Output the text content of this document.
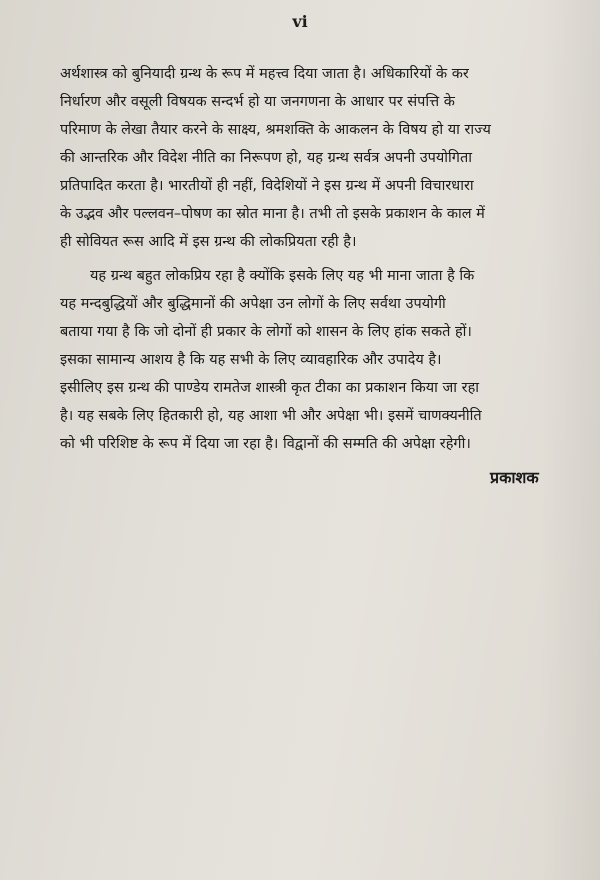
vi

अर्थशास्त्र को बुनियादी ग्रन्थ के रूप में महत्त्व दिया जाता है। अधिकारियों के कर

निर्धारण और वसूली विषयक सन्दर्भ हो या जनगणना के आधार पर संपत्ति के

परिमाण के लेखा तैयार करने के साक्ष्य, श्रमशक्ति के आकलन के विषय हो या राज्य

की आन्तरिक और विदेश नीति का निरूपण हो, यह ग्रन्थ सर्वत्र अपनी उपयोगिता

प्रतिपादित करता है। भारतीयों ही नहीं, विदेशियों ने इस ग्रन्थ में अपनी विचारधारा

के उद्भव और पल्लवन–पोषण का स्रोत माना है। तभी तो इसके प्रकाशन के काल में

ही सोवियत रूस आदि में इस ग्रन्थ की लोकप्रियता रही है।

यह ग्रन्थ बहुत लोकप्रिय रहा है क्योंकि इसके लिए यह भी माना जाता है कि

यह मन्दबुद्धियों और बुद्धिमानों की अपेक्षा उन लोगों के लिए सर्वथा उपयोगी

बताया गया है कि जो दोनों ही प्रकार के लोगों को शासन के लिए हांक सकते हों।

इसका सामान्य आशय है कि यह सभी के लिए व्यावहारिक और उपादेय है।

इसीलिए इस ग्रन्थ की पाण्डेय रामतेज शास्त्री कृत टीका का प्रकाशन किया जा रहा

है। यह सबके लिए हितकारी हो, यह आशा भी और अपेक्षा भी। इसमें चाणक्यनीति

को भी परिशिष्ट के रूप में दिया जा रहा है। विद्वानों की सम्मति की अपेक्षा रहेगी।

प्रकाशक
